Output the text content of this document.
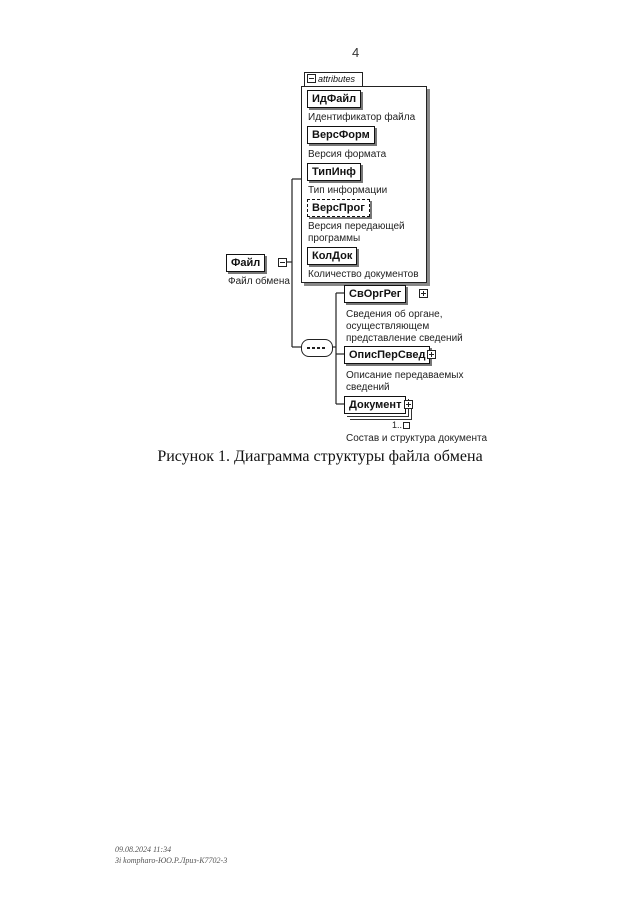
4
attributes
ИдФайл
Идентификатор файла
ВерсФорм
Версия формата
ТипИнф
Тип информации
ВерсПрог
Версия передающей
программы
КолДок
Количество документов
Файл
Файл обмена
СвОргРег
Сведения об органе,
осуществляющем
представление сведений
ОписПерСвед
Описание передаваемых
сведений
Документ
1..
Состав и структура документа
Рисунок 1. Диаграмма структуры файла обмена
09.08.2024 11:34
Зі kompharo-ЮО.Р.Лриз-К7702-3
